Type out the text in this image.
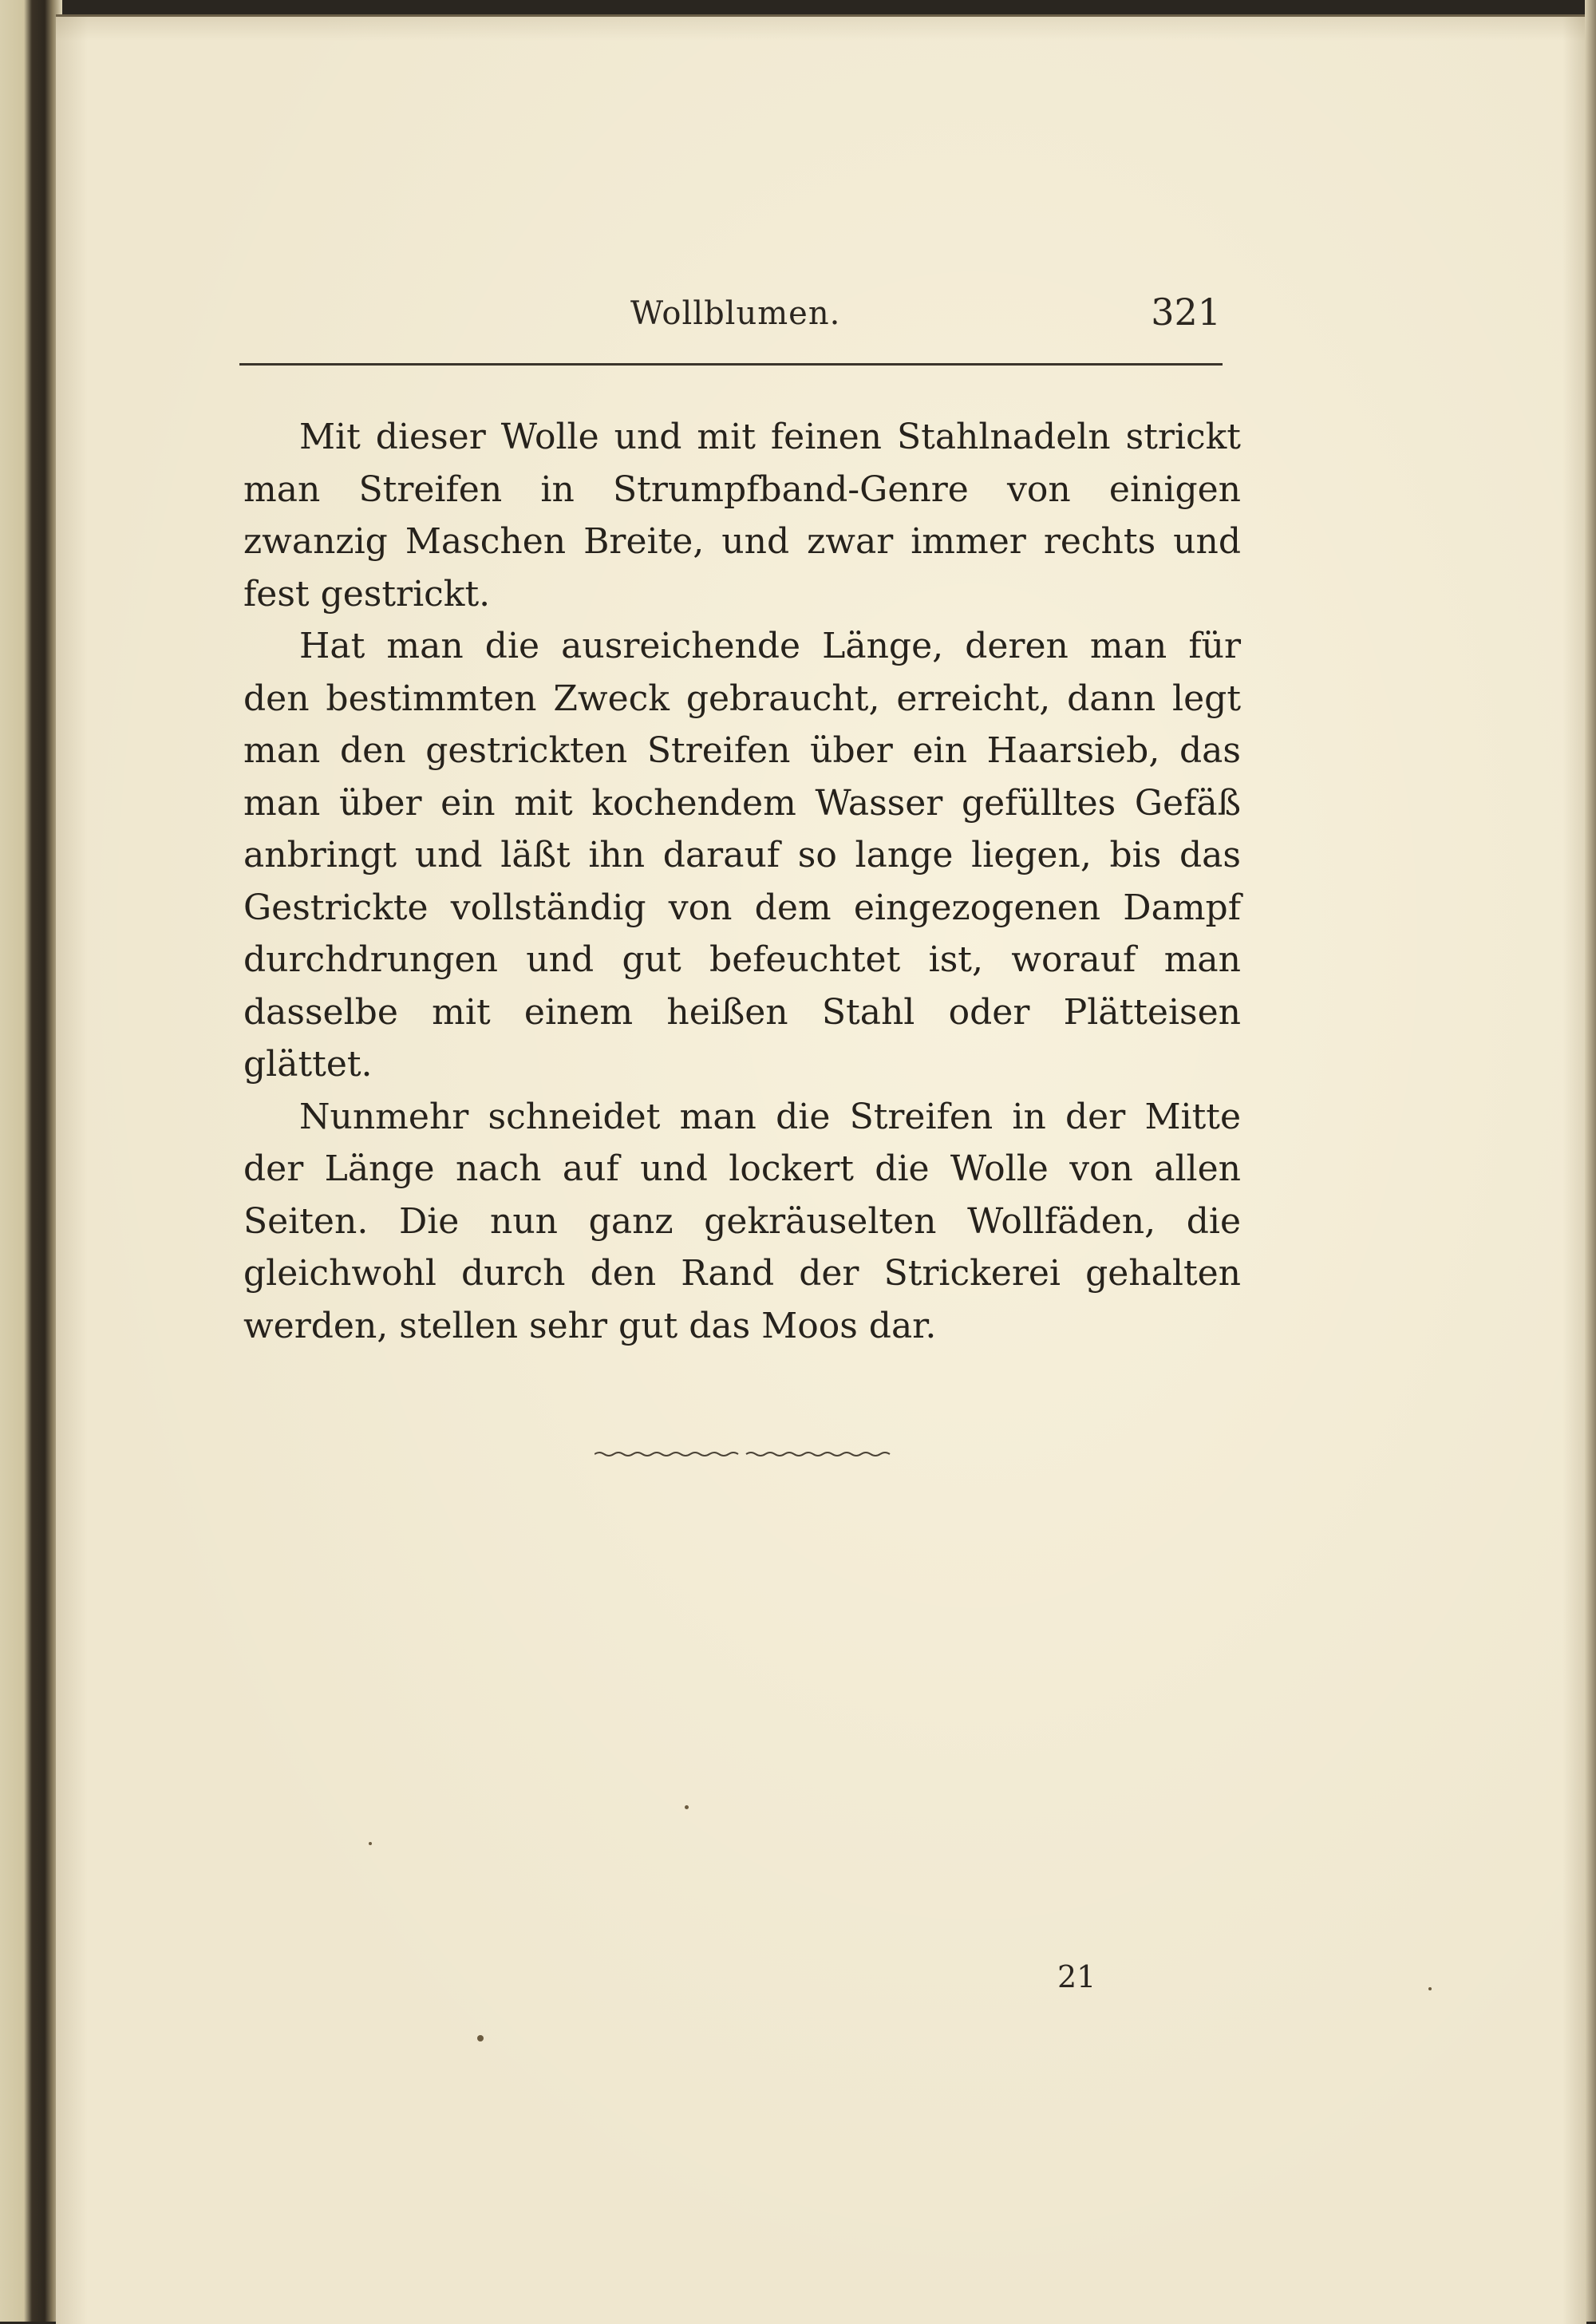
Wollblumen.	321

Mit dieser Wolle und mit feinen Stahlnadeln strickt man Streifen in Strumpfband-Genre von einigen zwanzig Maschen Breite, und zwar immer rechts und fest gestrickt.

Hat man die ausreichende Länge, deren man für den bestimmten Zweck gebraucht, erreicht, dann legt man den gestrickten Streifen über ein Haarsieb, das man über ein mit kochendem Wasser gefülltes Gefäß anbringt und läßt ihn darauf so lange liegen, bis das Gestrickte vollständig von dem eingezogenen Dampf durchdrungen und gut befeuchtet ist, worauf man dasselbe mit einem heißen Stahl oder Plätteisen glättet.

Nunmehr schneidet man die Streifen in der Mitte der Länge nach auf und lockert die Wolle von allen Seiten. Die nun ganz gekräuselten Wollfäden, die gleichwohl durch den Rand der Strickerei gehalten werden, stellen sehr gut das Moos dar.

21
